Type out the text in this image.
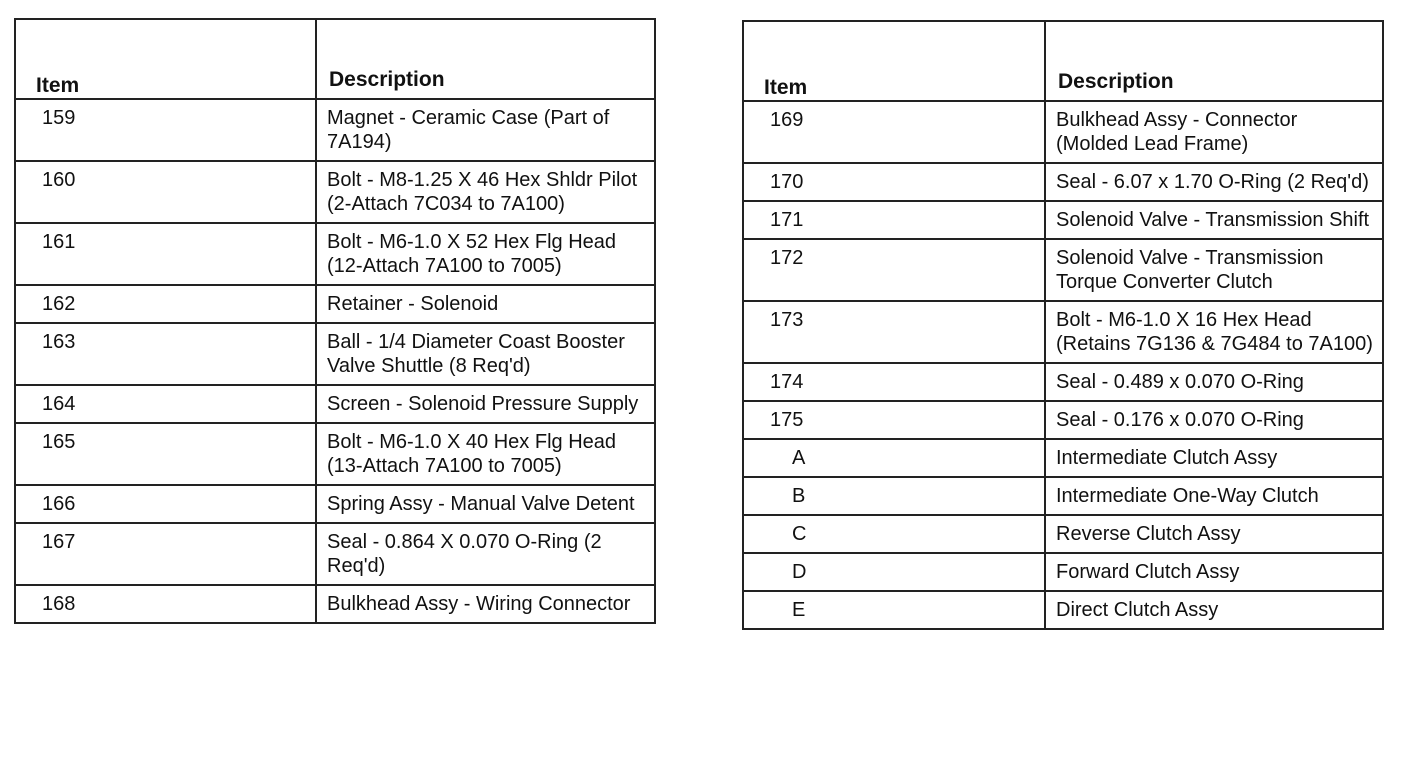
Item	Description
159	Magnet - Ceramic Case (Part of 7A194)
160	Bolt - M8-1.25 X 46 Hex Shldr Pilot (2-Attach 7C034 to 7A100)
161	Bolt - M6-1.0 X 52 Hex Flg Head (12-Attach 7A100 to 7005)
162	Retainer - Solenoid
163	Ball - 1/4 Diameter Coast Booster Valve Shuttle (8 Req'd)
164	Screen - Solenoid Pressure Supply
165	Bolt - M6-1.0 X 40 Hex Flg Head (13-Attach 7A100 to 7005)
166	Spring Assy - Manual Valve Detent
167	Seal - 0.864 X 0.070 O-Ring (2 Req'd)
168	Bulkhead Assy - Wiring Connector
Item	Description
169	Bulkhead Assy - Connector (Molded Lead Frame)
170	Seal - 6.07 x 1.70 O-Ring (2 Req'd)
171	Solenoid Valve - Transmission Shift
172	Solenoid Valve - Transmission Torque Converter Clutch
173	Bolt - M6-1.0 X 16 Hex Head (Retains 7G136 & 7G484 to 7A100)
174	Seal - 0.489 x 0.070 O-Ring
175	Seal - 0.176 x 0.070 O-Ring
A	Intermediate Clutch Assy
B	Intermediate One-Way Clutch
C	Reverse Clutch Assy
D	Forward Clutch Assy
E	Direct Clutch Assy
